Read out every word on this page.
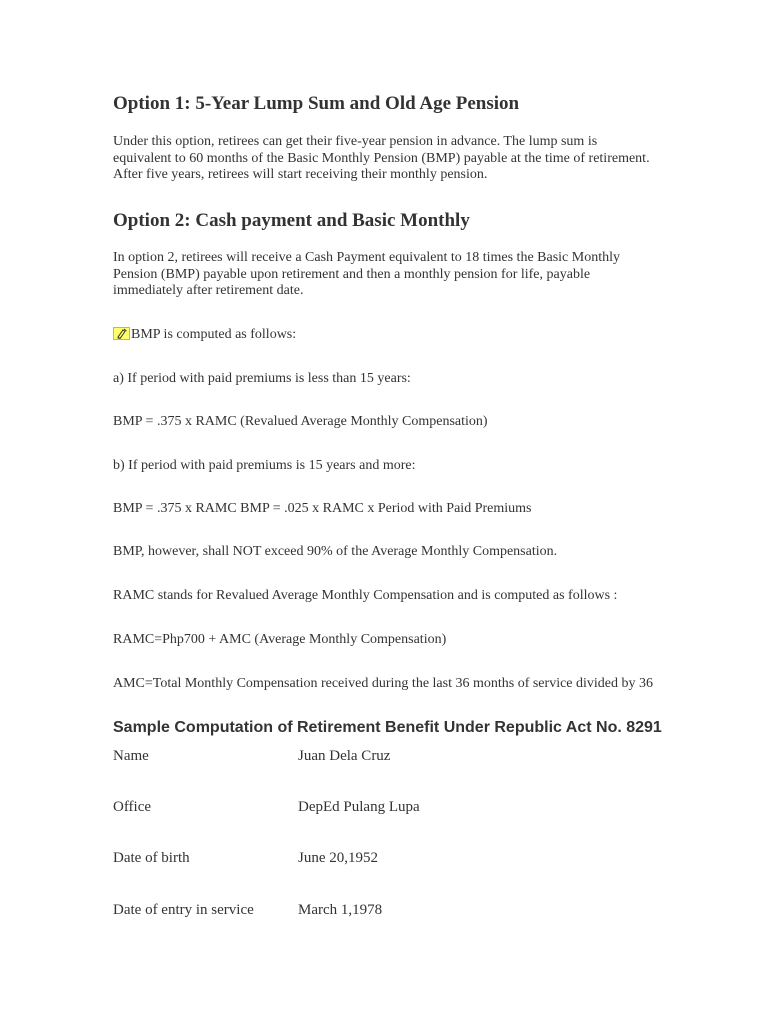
Option 1: 5-Year Lump Sum and Old Age Pension

Under this option, retirees can get their five-year pension in advance. The lump sum is equivalent to 60 months of the Basic Monthly Pension (BMP) payable at the time of retirement. After five years, retirees will start receiving their monthly pension.

Option 2: Cash payment and Basic Monthly

In option 2, retirees will receive a Cash Payment equivalent to 18 times the Basic Monthly Pension (BMP) payable upon retirement and then a monthly pension for life, payable immediately after retirement date.

BMP is computed as follows:
a) If period with paid premiums is less than 15 years:
BMP = .375 x RAMC (Revalued Average Monthly Compensation)
b) If period with paid premiums is 15 years and more:
BMP = .375 x RAMC BMP = .025 x RAMC x Period with Paid Premiums
BMP, however, shall NOT exceed 90% of the Average Monthly Compensation.
RAMC stands for Revalued Average Monthly Compensation and is computed as follows :
RAMC=Php700 + AMC (Average Monthly Compensation)
AMC=Total Monthly Compensation received during the last 36 months of service divided by 36
Sample Computation of Retirement Benefit Under Republic Act No. 8291
Name	Juan Dela Cruz
Office	DepEd Pulang Lupa
Date of birth	June 20,1952
Date of entry in service	March 1,1978
